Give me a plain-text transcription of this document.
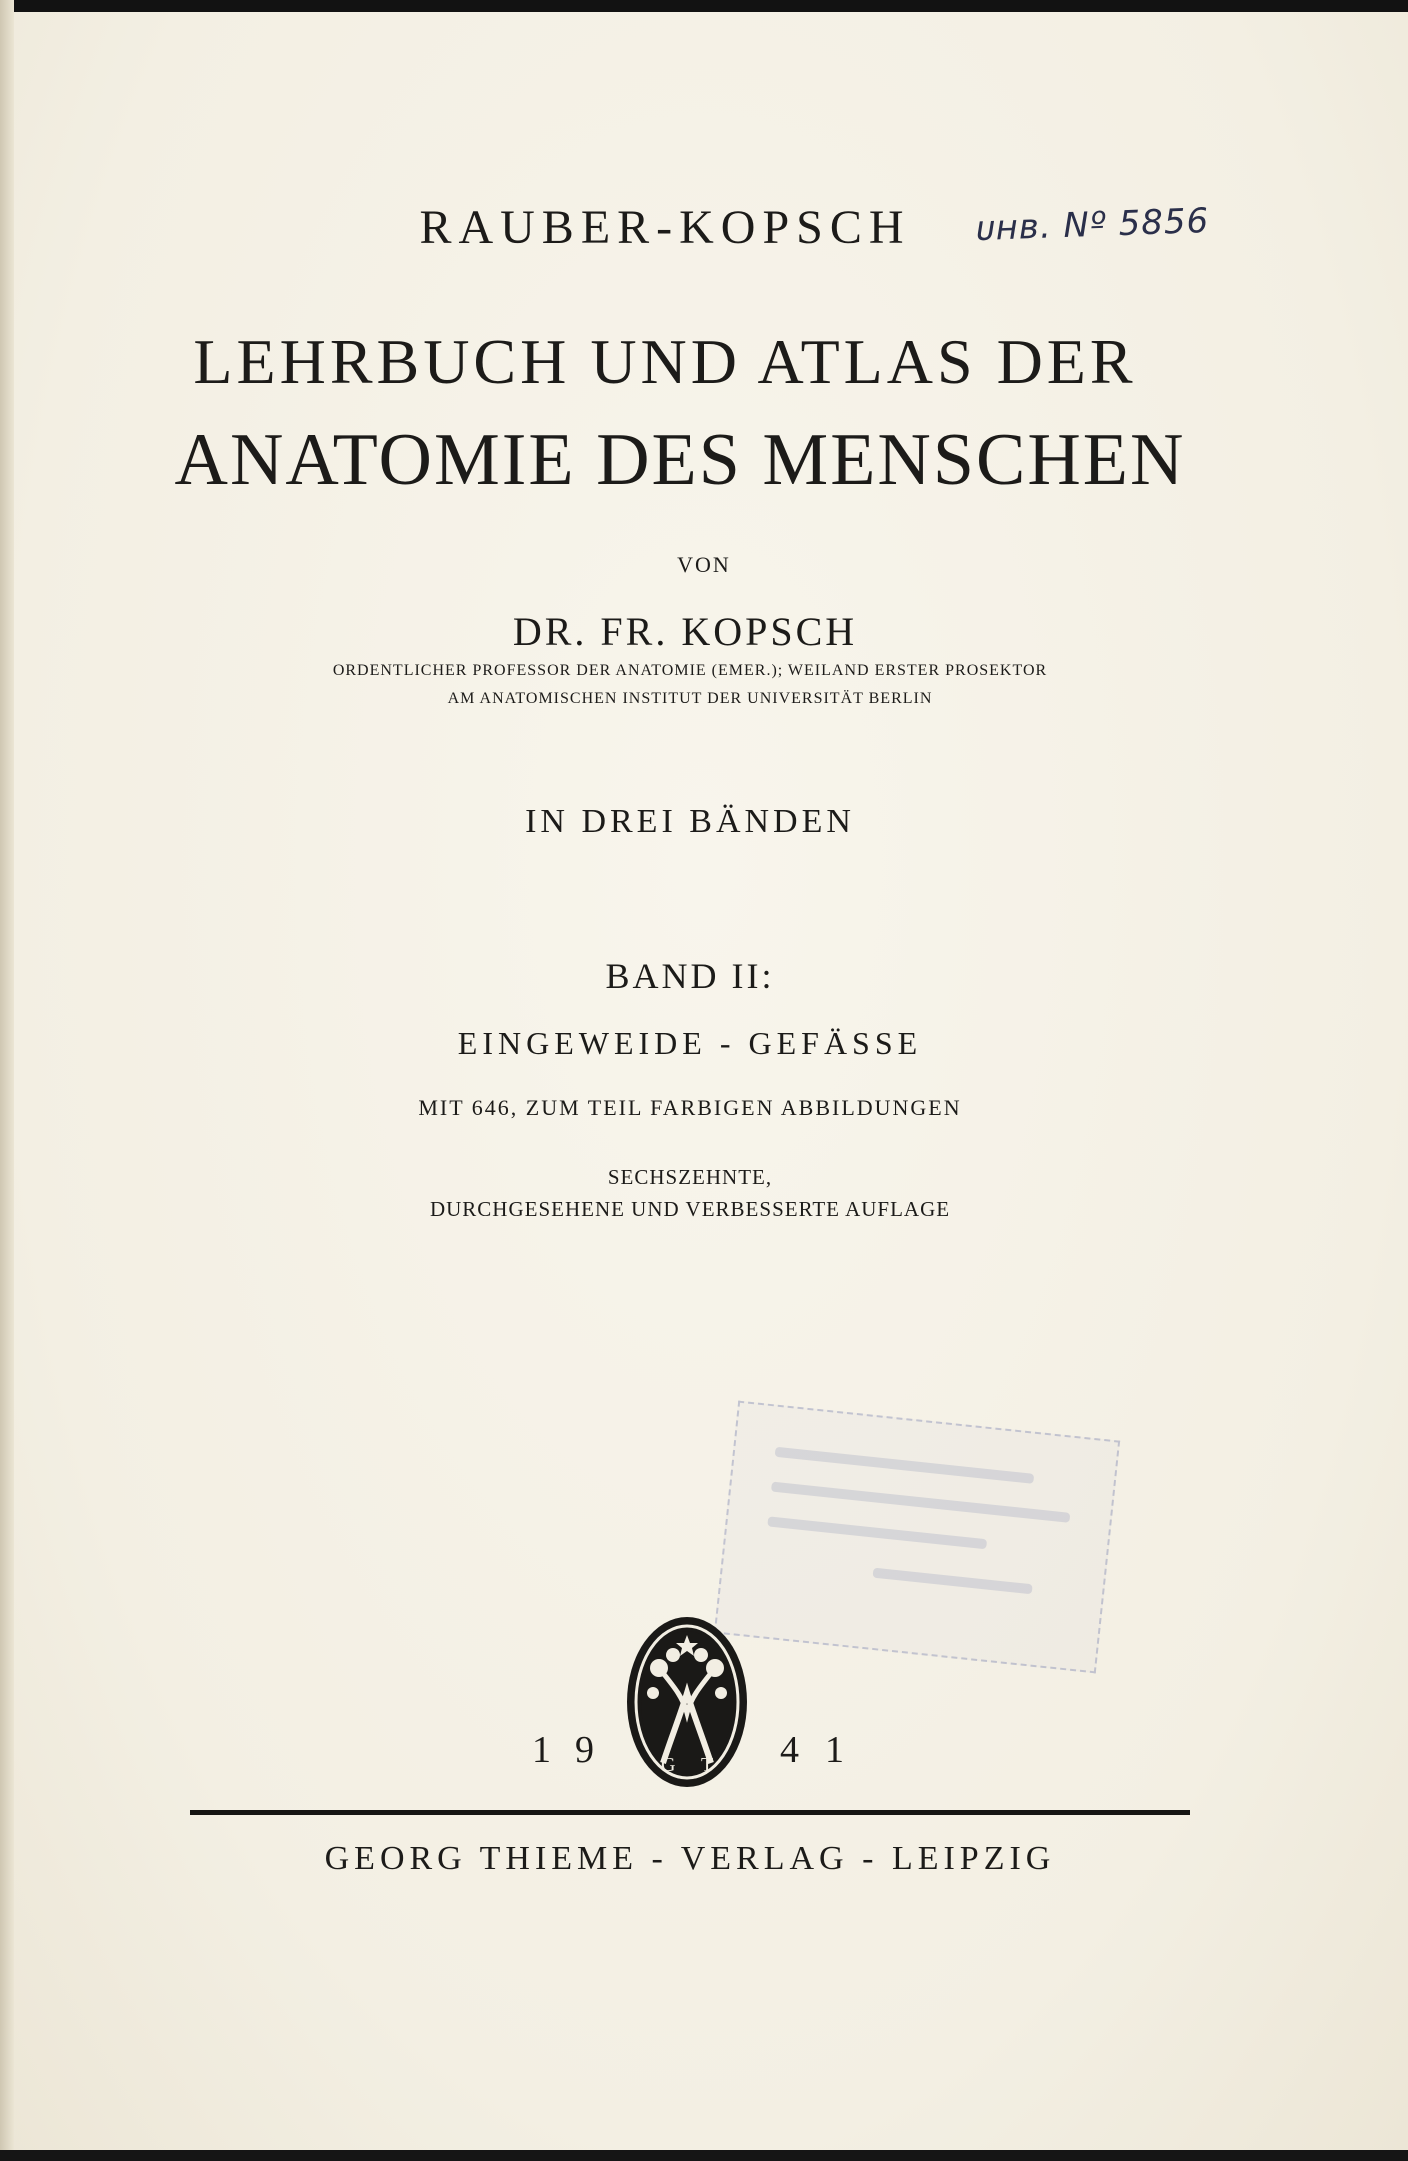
RAUBER-KOPSCH	ᴜнв. Nº 5856
LEHRBUCH UND ATLAS DER
ANATOMIE DES MENSCHEN
VON
DR. FR. KOPSCH
ORDENTLICHER PROFESSOR DER ANATOMIE (EMER.); WEILAND ERSTER PROSEKTOR
AM ANATOMISCHEN INSTITUT DER UNIVERSITÄT BERLIN
IN DREI BÄNDEN
BAND II:
EINGEWEIDE - GEFÄSSE
MIT 646, ZUM TEIL FARBIGEN ABBILDUNGEN
SECHSZEHNTE,
DURCHGESEHENE UND VERBESSERTE AUFLAGE
G T
1 9	4 1
GEORG THIEME - VERLAG - LEIPZIG
